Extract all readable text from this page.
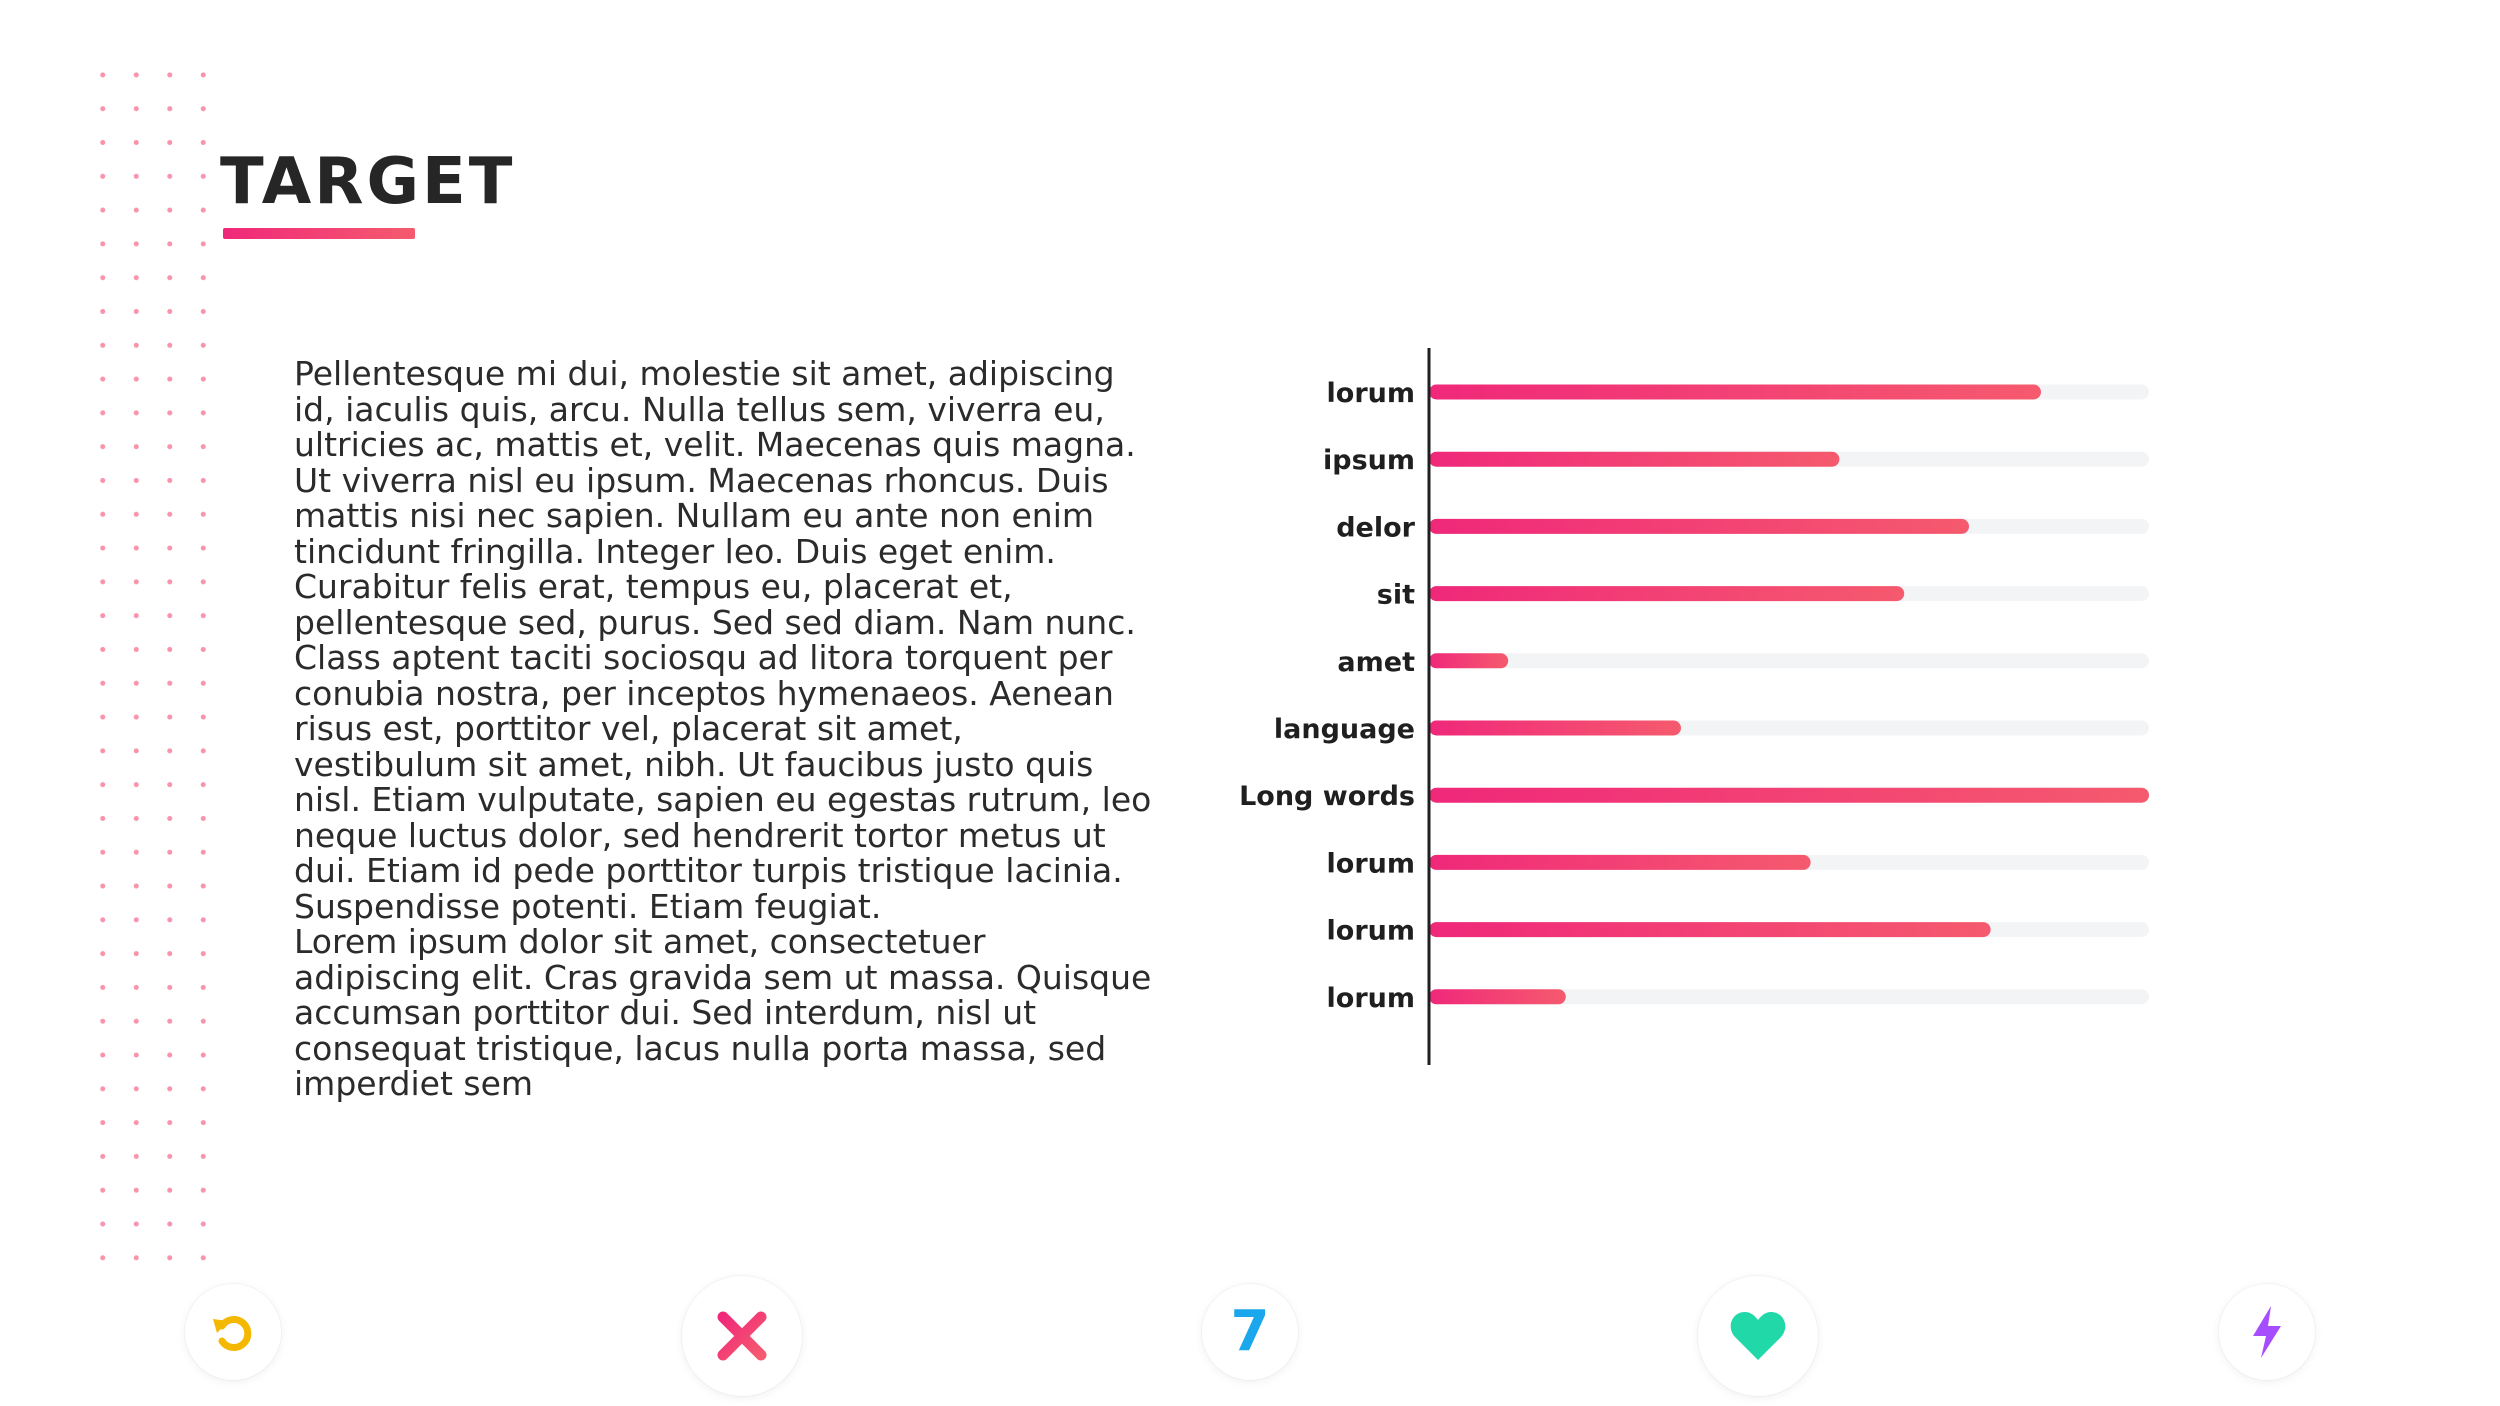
TARGET

Pellentesque mi dui, molestie sit amet, adipiscing id, iaculis quis, arcu. Nulla tellus sem, viverra eu, ultricies ac, mattis et, velit. Maecenas quis magna. Ut viverra nisl eu ipsum. Maecenas rhoncus. Duis mattis nisi nec sapien. Nullam eu ante non enim tincidunt fringilla. Integer leo. Duis eget enim. Curabitur felis erat, tempus eu, placerat et, pellentesque sed, purus. Sed sed diam. Nam nunc. Class aptent taciti sociosqu ad litora torquent per conubia nostra, per inceptos hymenaeos. Aenean risus est, porttitor vel, placerat sit amet, vestibulum sit amet, nibh. Ut faucibus justo quis nisl. Etiam vulputate, sapien eu egestas rutrum, leo neque luctus dolor, sed hendrerit tortor metus ut dui. Etiam id pede porttitor turpis tristique lacinia. Suspendisse potenti. Etiam feugiat.

Lorem ipsum dolor sit amet, consectetuer adipiscing elit. Cras gravida sem ut massa. Quisque accumsan porttitor dui. Sed interdum, nisl ut consequat tristique, lacus nulla porta massa, sed imperdiet sem

lorum
ipsum
delor
sit
amet
language
Long words
lorum
lorum
lorum
7
